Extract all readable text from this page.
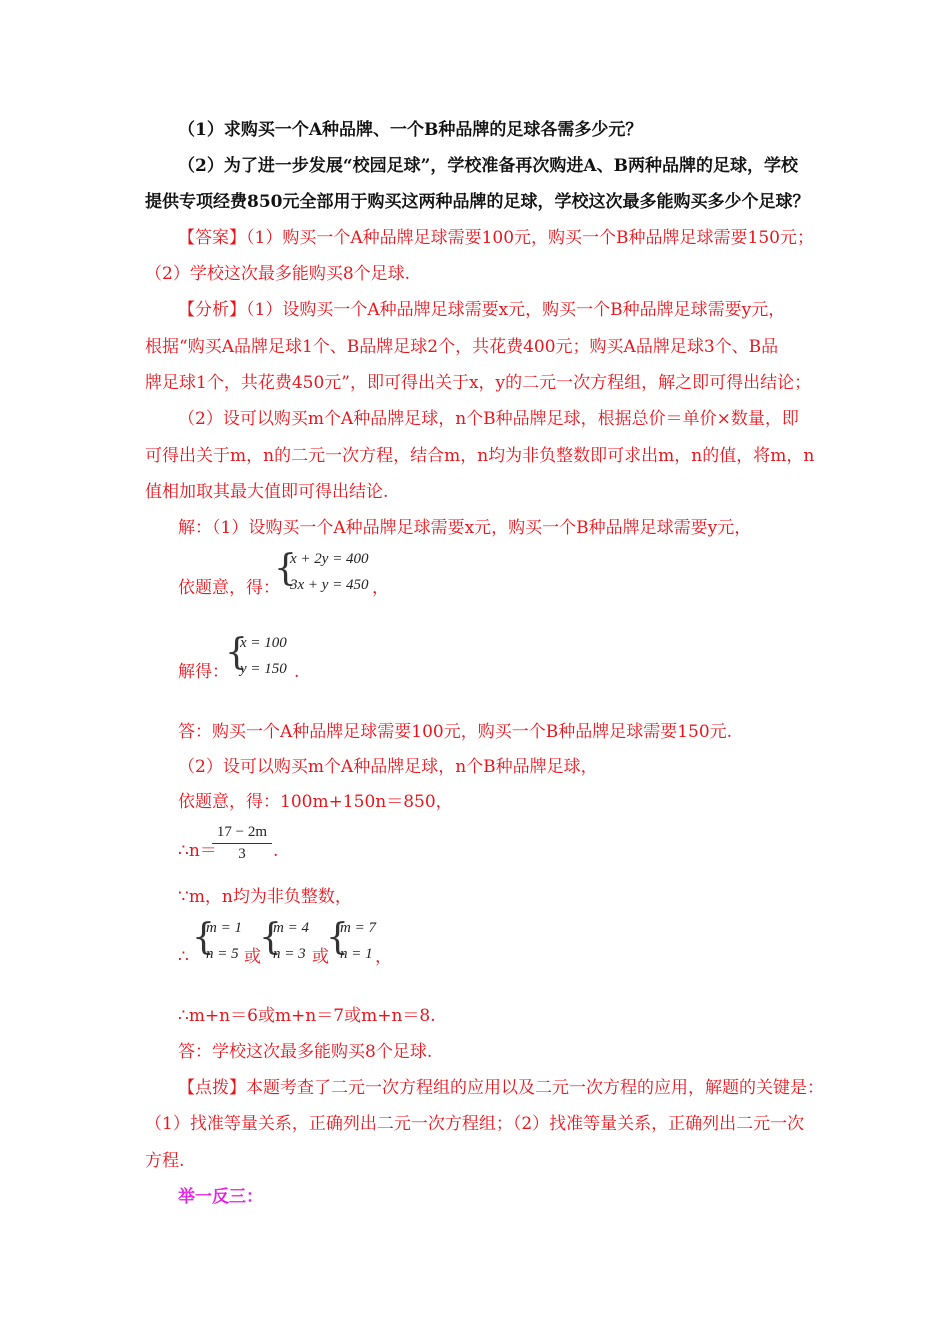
（1）求购买一个A种品牌、一个B种品牌的足球各需多少元？
（2）为了进一步发展“校园足球”，学校准备再次购进A、B两种品牌的足球，学校
提供专项经费850元全部用于购买这两种品牌的足球，学校这次最多能购买多少个足球？
【答案】（1）购买一个A种品牌足球需要100元，购买一个B种品牌足球需要150元；
（2）学校这次最多能购买8个足球.
【分析】（1）设购买一个A种品牌足球需要x元，购买一个B种品牌足球需要y元，
根据“购买A品牌足球1个、B品牌足球2个，共花费400元；购买A品牌足球3个、B品
牌足球1个，共花费450元”，即可得出关于x，y的二元一次方程组，解之即可得出结论；
（2）设可以购买m个A种品牌足球，n个B种品牌足球，根据总价＝单价×数量，即
可得出关于m，n的二元一次方程，结合m，n均为非负整数即可求出m，n的值，将m，n
值相加取其最大值即可得出结论.
解：（1）设购买一个A种品牌足球需要x元，购买一个B种品牌足球需要y元，
依题意，得：
{
x + 2y = 400
3x + y = 450 ，
解得：
{
x = 100
y = 150 .
答：购买一个A种品牌足球需要100元，购买一个B种品牌足球需要150元.
（2）设可以购买m个A种品牌足球，n个B种品牌足球，
依题意，得：100m+150n＝850，
∴n＝
17 − 2m
3	.
∵m，n均为非负整数，
∴ {
m = 1
n = 5 或
{
m = 4
n = 3 或
{
m = 7
n = 1 ，
∴m+n＝6或m+n＝7或m+n＝8.
答：学校这次最多能购买8个足球.
【点拨】本题考查了二元一次方程组的应用以及二元一次方程的应用，解题的关键是：
（1）找准等量关系，正确列出二元一次方程组；（2）找准等量关系，正确列出二元一次
方程.
举一反三：
